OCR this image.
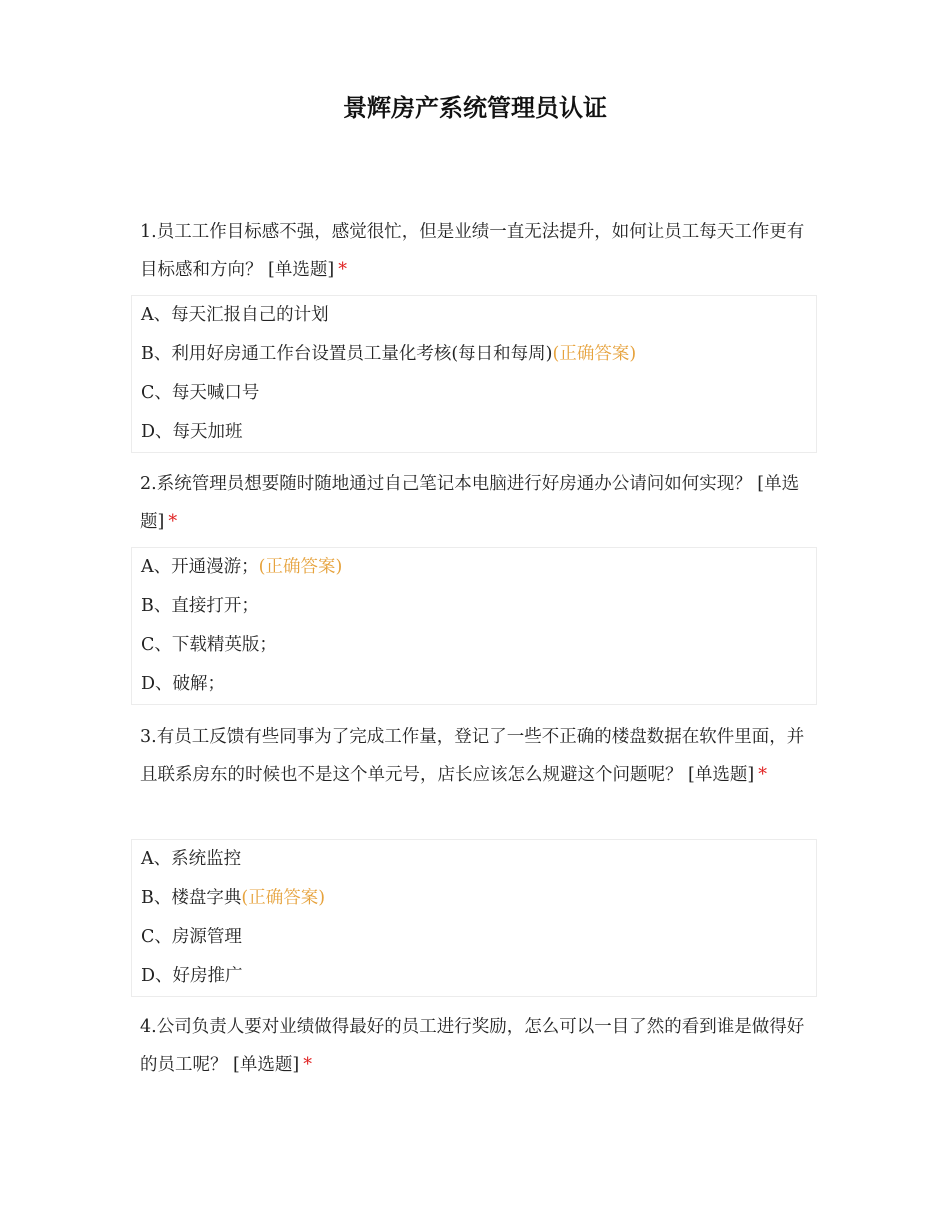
景辉房产系统管理员认证

1.员工工作目标感不强，感觉很忙，但是业绩一直无法提升，如何让员工每天工作更有目标感和方向？ [单选题] *

A、每天汇报自己的计划
B、利用好房通工作台设置员工量化考核(每日和每周)(正确答案)
C、每天喊口号
D、每天加班

2.系统管理员想要随时随地通过自己笔记本电脑进行好房通办公请问如何实现？ [单选题] *

A、开通漫游；(正确答案)
B、直接打开；
C、下载精英版；
D、破解；

3.有员工反馈有些同事为了完成工作量，登记了一些不正确的楼盘数据在软件里面，并且联系房东的时候也不是这个单元号，店长应该怎么规避这个问题呢？ [单选题] *

A、系统监控
B、楼盘字典(正确答案)
C、房源管理
D、好房推广

4.公司负责人要对业绩做得最好的员工进行奖励，怎么可以一目了然的看到谁是做得好的员工呢？ [单选题] *
